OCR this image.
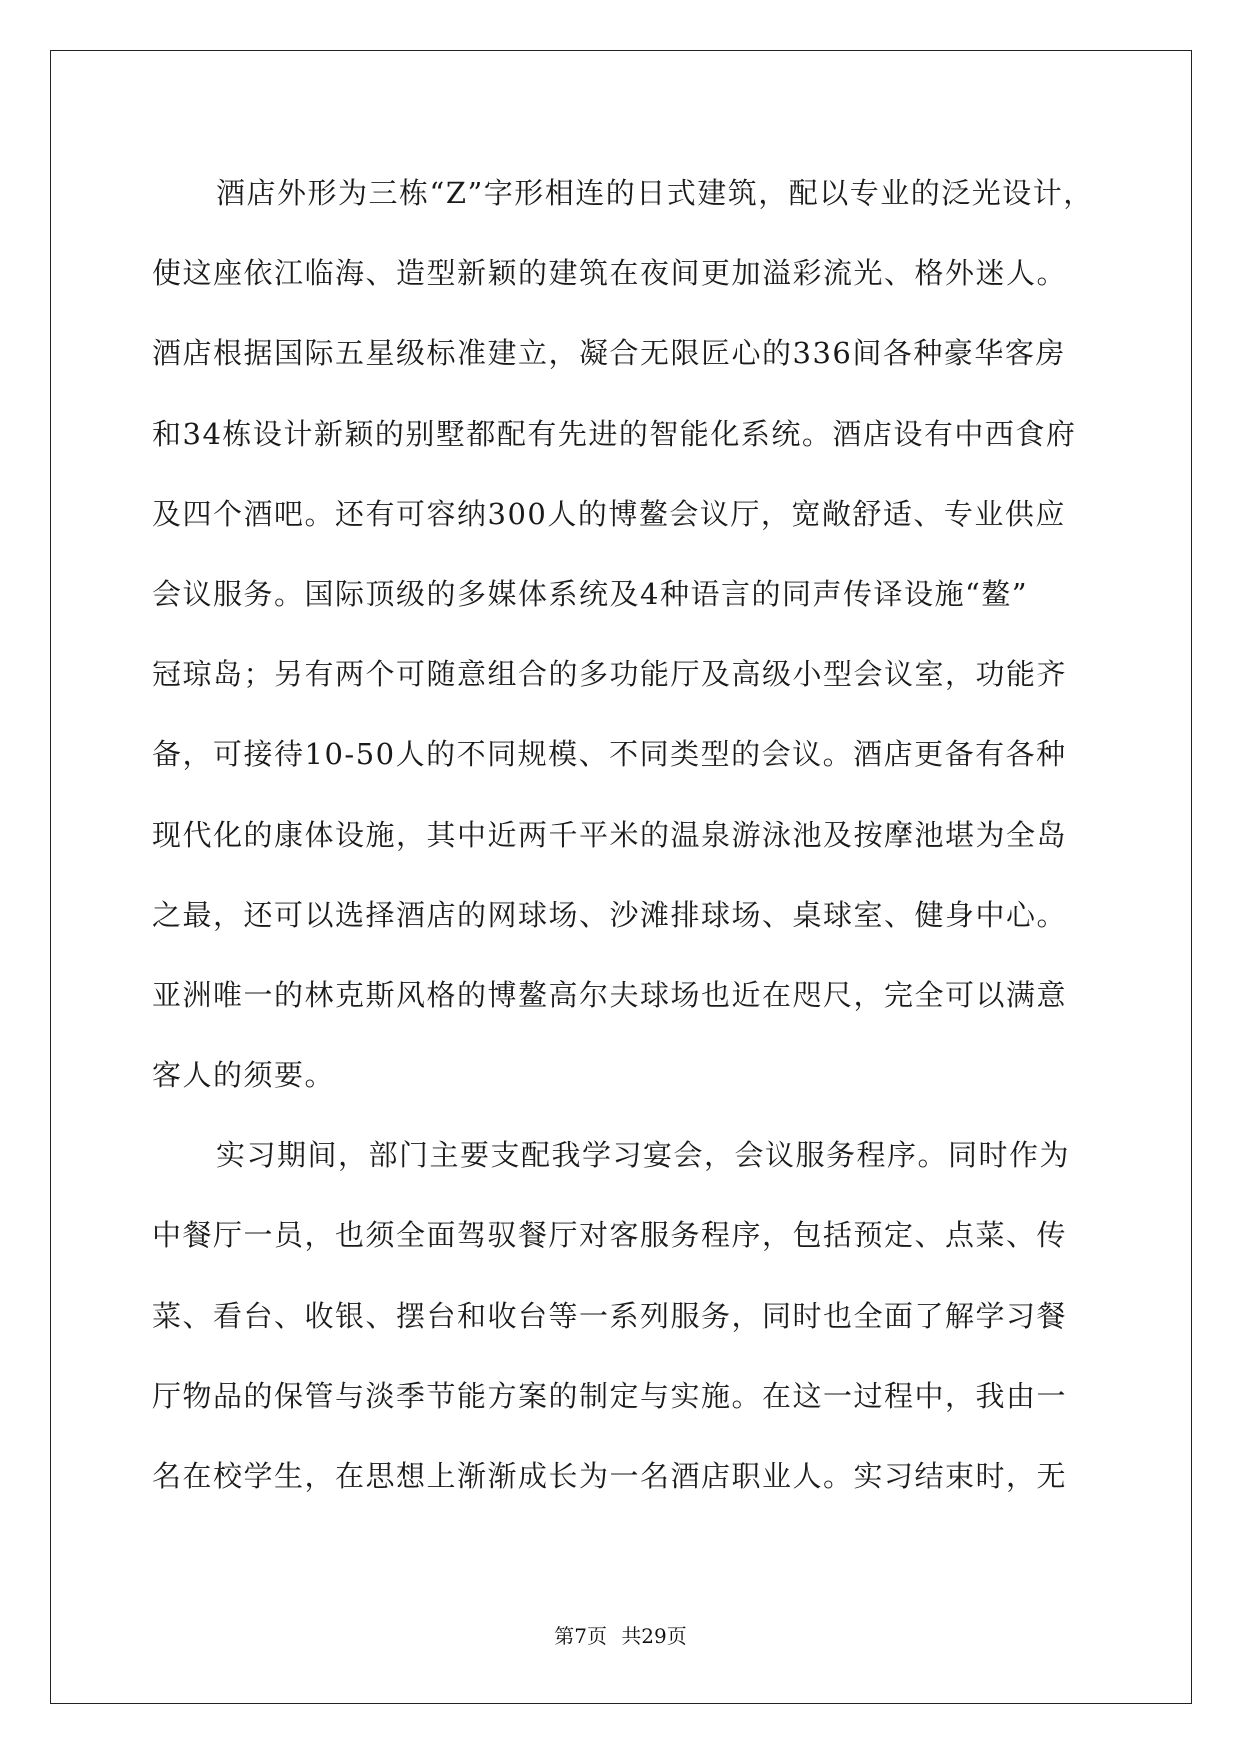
酒店外形为三栋“Z”字形相连的日式建筑，配以专业的泛光设计，
使这座依江临海、造型新颖的建筑在夜间更加溢彩流光、格外迷人。
酒店根据国际五星级标准建立，凝合无限匠心的336间各种豪华客房
和34栋设计新颖的别墅都配有先进的智能化系统。酒店设有中西食府
及四个酒吧。还有可容纳300人的博鳌会议厅，宽敞舒适、专业供应
会议服务。国际顶级的多媒体系统及4种语言的同声传译设施“鳌”
冠琼岛；另有两个可随意组合的多功能厅及高级小型会议室，功能齐
备，可接待10-50人的不同规模、不同类型的会议。酒店更备有各种
现代化的康体设施，其中近两千平米的温泉游泳池及按摩池堪为全岛
之最，还可以选择酒店的网球场、沙滩排球场、桌球室、健身中心。
亚洲唯一的林克斯风格的博鳌高尔夫球场也近在咫尺，完全可以满意
客人的须要。
实习期间，部门主要支配我学习宴会，会议服务程序。同时作为
中餐厅一员，也须全面驾驭餐厅对客服务程序，包括预定、点菜、传
菜、看台、收银、摆台和收台等一系列服务，同时也全面了解学习餐
厅物品的保管与淡季节能方案的制定与实施。在这一过程中，我由一
名在校学生，在思想上渐渐成长为一名酒店职业人。实习结束时，无
第7页 共29页
